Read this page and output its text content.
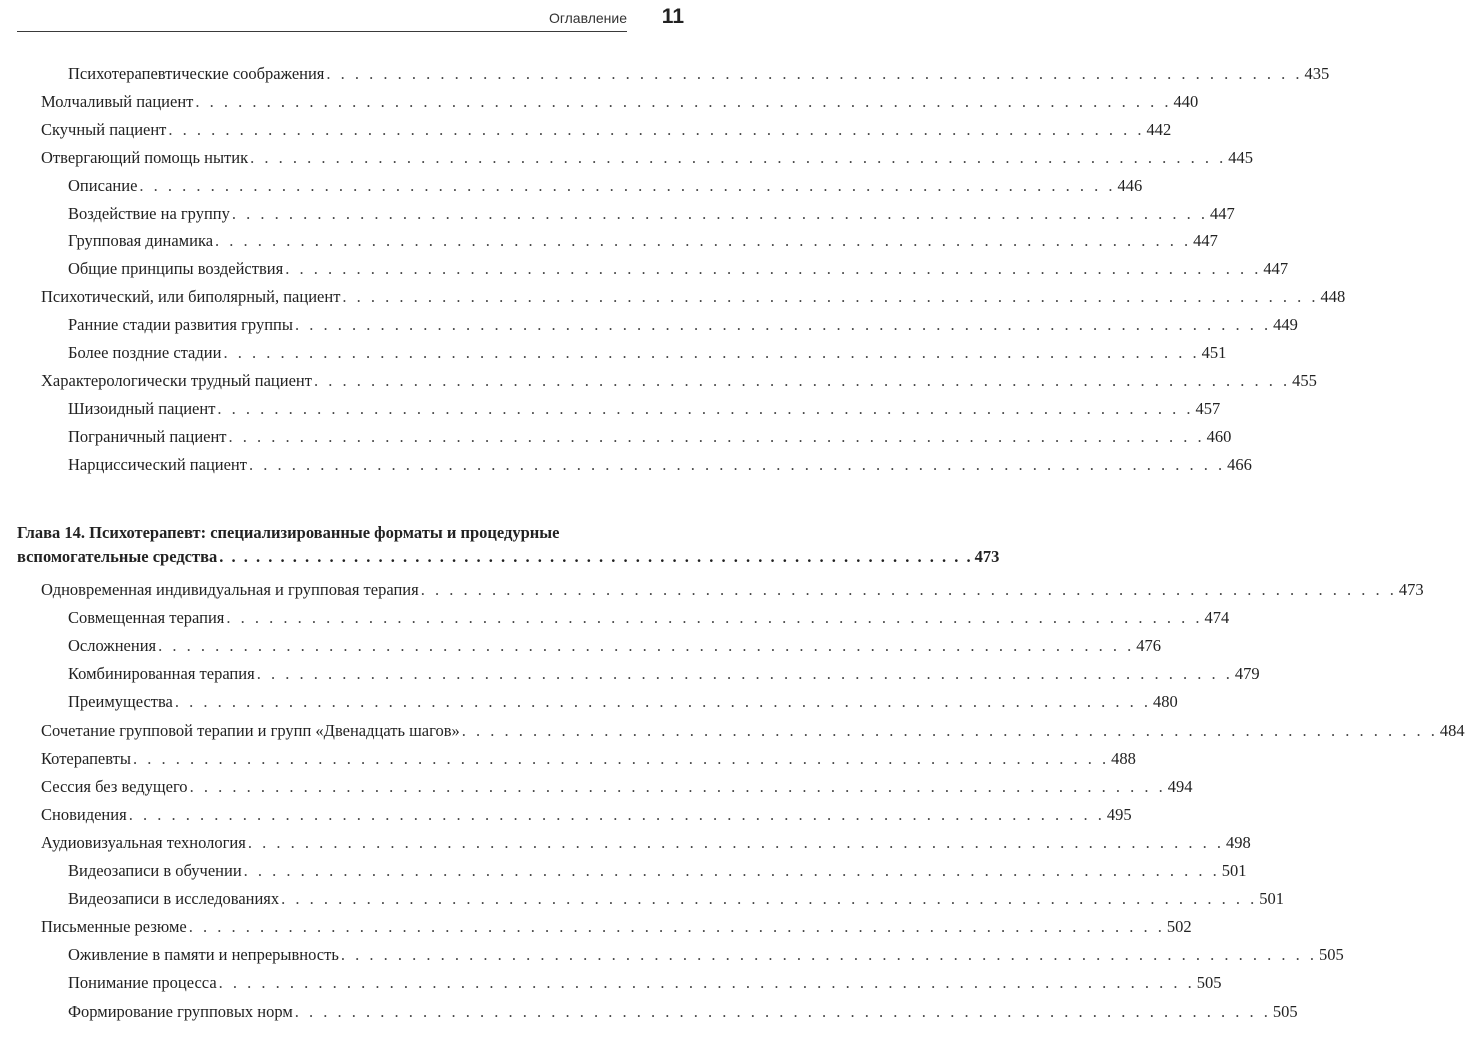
Оглавление 11
Психотерапевтические соображения . . . . . . . . . . . . . . . . . . . . . . . . . . . . . . . . . . . . . . . . . . . . . . . . . . . . . . . . . . . . . . . . . . . . . 435
Молчаливый пациент . . . . . . . . . . . . . . . . . . . . . . . . . . . . . . . . . . . . . . . . . . . . . . . . . . . . . . . . . . . . . . . . . . . . . 440
Скучный пациент . . . . . . . . . . . . . . . . . . . . . . . . . . . . . . . . . . . . . . . . . . . . . . . . . . . . . . . . . . . . . . . . . . . . . 442
Отвергающий помощь нытик . . . . . . . . . . . . . . . . . . . . . . . . . . . . . . . . . . . . . . . . . . . . . . . . . . . . . . . . . . . . . . . . . . . . . 445
Описание . . . . . . . . . . . . . . . . . . . . . . . . . . . . . . . . . . . . . . . . . . . . . . . . . . . . . . . . . . . . . . . . . . . . . 446
Воздействие на группу . . . . . . . . . . . . . . . . . . . . . . . . . . . . . . . . . . . . . . . . . . . . . . . . . . . . . . . . . . . . . . . . . . . . . 447
Групповая динамика . . . . . . . . . . . . . . . . . . . . . . . . . . . . . . . . . . . . . . . . . . . . . . . . . . . . . . . . . . . . . . . . . . . . . 447
Общие принципы воздействия . . . . . . . . . . . . . . . . . . . . . . . . . . . . . . . . . . . . . . . . . . . . . . . . . . . . . . . . . . . . . . . . . . . . . 447
Психотический, или биполярный, пациент . . . . . . . . . . . . . . . . . . . . . . . . . . . . . . . . . . . . . . . . . . . . . . . . . . . . . . . . . . . . . . . . . . . . . 448
Ранние стадии развития группы . . . . . . . . . . . . . . . . . . . . . . . . . . . . . . . . . . . . . . . . . . . . . . . . . . . . . . . . . . . . . . . . . . . . . 449
Более поздние стадии . . . . . . . . . . . . . . . . . . . . . . . . . . . . . . . . . . . . . . . . . . . . . . . . . . . . . . . . . . . . . . . . . . . . . 451
Характерологически трудный пациент . . . . . . . . . . . . . . . . . . . . . . . . . . . . . . . . . . . . . . . . . . . . . . . . . . . . . . . . . . . . . . . . . . . . . 455
Шизоидный пациент . . . . . . . . . . . . . . . . . . . . . . . . . . . . . . . . . . . . . . . . . . . . . . . . . . . . . . . . . . . . . . . . . . . . . 457
Пограничный пациент . . . . . . . . . . . . . . . . . . . . . . . . . . . . . . . . . . . . . . . . . . . . . . . . . . . . . . . . . . . . . . . . . . . . . 460
Нарциссический пациент . . . . . . . . . . . . . . . . . . . . . . . . . . . . . . . . . . . . . . . . . . . . . . . . . . . . . . . . . . . . . . . . . . . . . 466
Глава 14. Психотерапевт: специализированные форматы и процедурные
вспомогательные средства . . . . . . . . . . . . . . . . . . . . . . . . . . . . . . . . . . . . . . . . . . . . . . . . . . . . . . . . . . . . . . 473
Одновременная индивидуальная и групповая терапия . . . . . . . . . . . . . . . . . . . . . . . . . . . . . . . . . . . . . . . . . . . . . . . . . . . . . . . . . . . . . . . . . . . . . 473
Совмещенная терапия . . . . . . . . . . . . . . . . . . . . . . . . . . . . . . . . . . . . . . . . . . . . . . . . . . . . . . . . . . . . . . . . . . . . . 474
Осложнения . . . . . . . . . . . . . . . . . . . . . . . . . . . . . . . . . . . . . . . . . . . . . . . . . . . . . . . . . . . . . . . . . . . . . 476
Комбинированная терапия . . . . . . . . . . . . . . . . . . . . . . . . . . . . . . . . . . . . . . . . . . . . . . . . . . . . . . . . . . . . . . . . . . . . . 479
Преимущества . . . . . . . . . . . . . . . . . . . . . . . . . . . . . . . . . . . . . . . . . . . . . . . . . . . . . . . . . . . . . . . . . . . . . 480
Сочетание групповой терапии и групп «Двенадцать шагов» . . . . . . . . . . . . . . . . . . . . . . . . . . . . . . . . . . . . . . . . . . . . . . . . . . . . . . . . . . . . . . . . . . . . . 484
Котерапевты . . . . . . . . . . . . . . . . . . . . . . . . . . . . . . . . . . . . . . . . . . . . . . . . . . . . . . . . . . . . . . . . . . . . . 488
Сессия без ведущего . . . . . . . . . . . . . . . . . . . . . . . . . . . . . . . . . . . . . . . . . . . . . . . . . . . . . . . . . . . . . . . . . . . . . 494
Сновидения . . . . . . . . . . . . . . . . . . . . . . . . . . . . . . . . . . . . . . . . . . . . . . . . . . . . . . . . . . . . . . . . . . . . . 495
Аудиовизуальная технология . . . . . . . . . . . . . . . . . . . . . . . . . . . . . . . . . . . . . . . . . . . . . . . . . . . . . . . . . . . . . . . . . . . . . 498
Видеозаписи в обучении . . . . . . . . . . . . . . . . . . . . . . . . . . . . . . . . . . . . . . . . . . . . . . . . . . . . . . . . . . . . . . . . . . . . . 501
Видеозаписи в исследованиях . . . . . . . . . . . . . . . . . . . . . . . . . . . . . . . . . . . . . . . . . . . . . . . . . . . . . . . . . . . . . . . . . . . . . 501
Письменные резюме . . . . . . . . . . . . . . . . . . . . . . . . . . . . . . . . . . . . . . . . . . . . . . . . . . . . . . . . . . . . . . . . . . . . . 502
Оживление в памяти и непрерывность . . . . . . . . . . . . . . . . . . . . . . . . . . . . . . . . . . . . . . . . . . . . . . . . . . . . . . . . . . . . . . . . . . . . . 505
Понимание процесса . . . . . . . . . . . . . . . . . . . . . . . . . . . . . . . . . . . . . . . . . . . . . . . . . . . . . . . . . . . . . . . . . . . . . 505
Формирование групповых норм . . . . . . . . . . . . . . . . . . . . . . . . . . . . . . . . . . . . . . . . . . . . . . . . . . . . . . . . . . . . . . . . . . . . . 505
